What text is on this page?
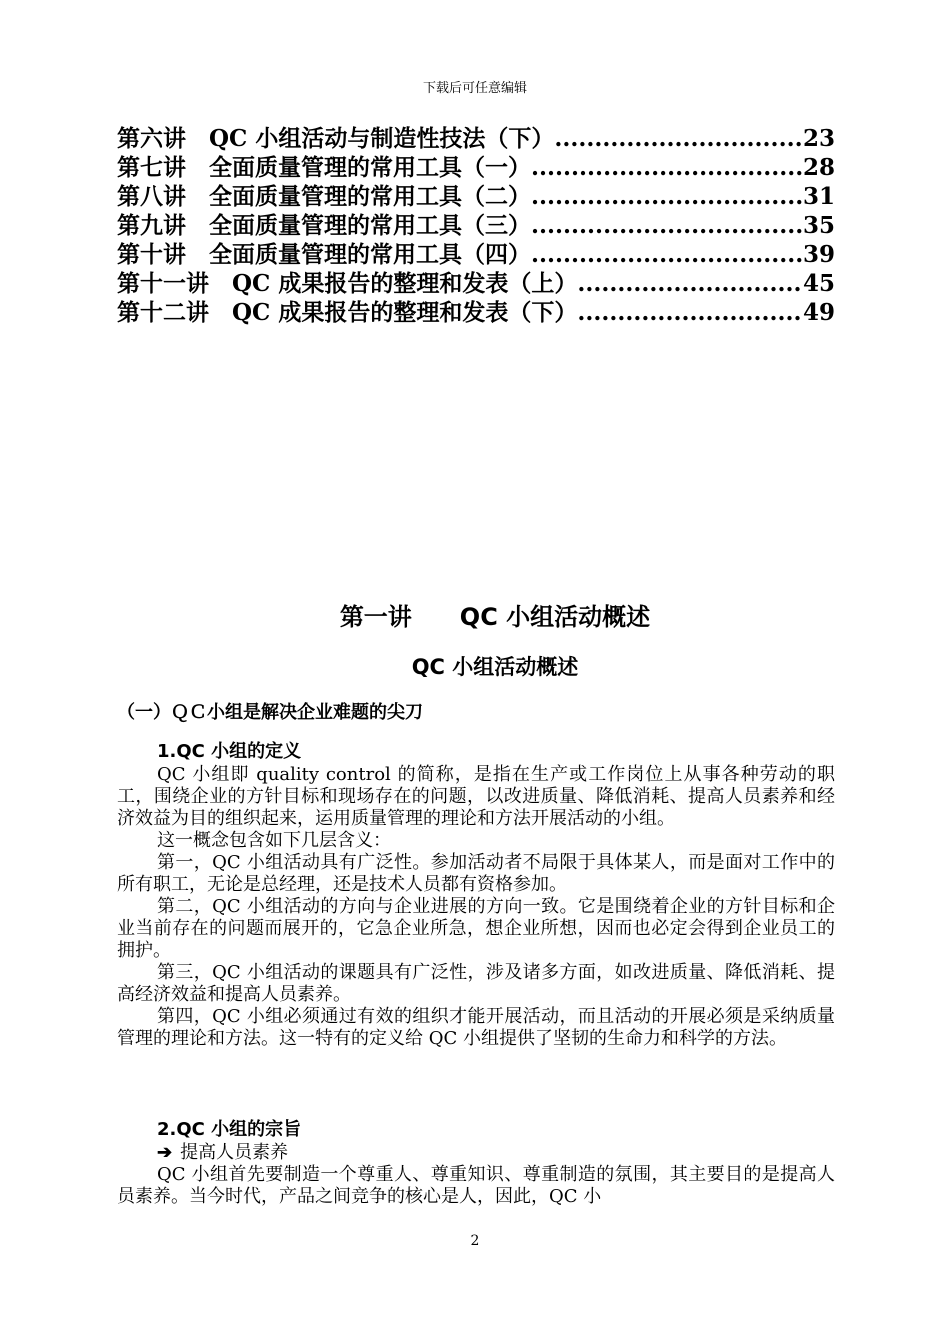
下载后可任意编辑
第六讲　QC 小组活动与制造性技法（下） .....	23
第七讲　全面质量管理的常用工具（一） .....	28
第八讲　全面质量管理的常用工具（二） .....	31
第九讲　全面质量管理的常用工具（三） .....	35
第十讲　全面质量管理的常用工具（四） .....	39
第十一讲　QC 成果报告的整理和发表（上） .....	45
第十二讲　QC 成果报告的整理和发表（下） .....	49
第一讲　　QC 小组活动概述
QC 小组活动概述
（一）ＱＣ小组是解决企业难题的尖刀
1.QC 小组的定义

QC 小组即 quality control 的简称，是指在生产或工作岗位上从事各种劳动的职工，围绕企业的方针目标和现场存在的问题，以改进质量、降低消耗、提高人员素养和经济效益为目的组织起来，运用质量管理的理论和方法开展活动的小组。

这一概念包含如下几层含义：

第一，QC 小组活动具有广泛性。参加活动者不局限于具体某人，而是面对工作中的所有职工，无论是总经理，还是技术人员都有资格参加。

第二，QC 小组活动的方向与企业进展的方向一致。它是围绕着企业的方针目标和企业当前存在的问题而展开的，它急企业所急，想企业所想，因而也必定会得到企业员工的拥护。

第三，QC 小组活动的课题具有广泛性，涉及诸多方面，如改进质量、降低消耗、提高经济效益和提高人员素养。

第四，QC 小组必须通过有效的组织才能开展活动，而且活动的开展必须是采纳质量管理的理论和方法。这一特有的定义给 QC 小组提供了坚韧的生命力和科学的方法。

2.QC 小组的宗旨
➔ 提高人员素养

QC 小组首先要制造一个尊重人、尊重知识、尊重制造的氛围，其主要目的是提高人员素养。当今时代，产品之间竞争的核心是人，因此，QC 小

2
